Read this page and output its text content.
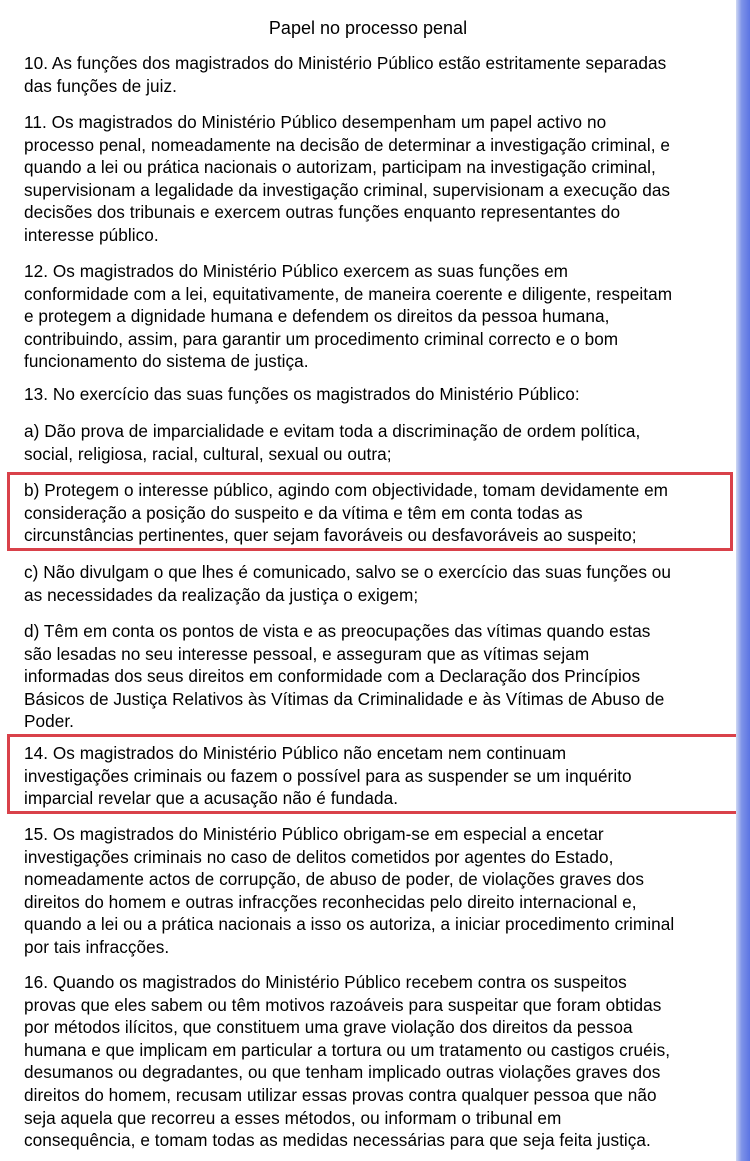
Papel no processo penal

10. As funções dos magistrados do Ministério Público estão estritamente separadas
das funções de juiz.

11. Os magistrados do Ministério Público desempenham um papel activo no
processo penal, nomeadamente na decisão de determinar a investigação criminal, e
quando a lei ou prática nacionais o autorizam, participam na investigação criminal,
supervisionam a legalidade da investigação criminal, supervisionam a execução das
decisões dos tribunais e exercem outras funções enquanto representantes do
interesse público.

12. Os magistrados do Ministério Público exercem as suas funções em
conformidade com a lei, equitativamente, de maneira coerente e diligente, respeitam
e protegem a dignidade humana e defendem os direitos da pessoa humana,
contribuindo, assim, para garantir um procedimento criminal correcto e o bom
funcionamento do sistema de justiça.

13. No exercício das suas funções os magistrados do Ministério Público:

a) Dão prova de imparcialidade e evitam toda a discriminação de ordem política,
social, religiosa, racial, cultural, sexual ou outra;

b) Protegem o interesse público, agindo com objectividade, tomam devidamente em
consideração a posição do suspeito e da vítima e têm em conta todas as
circunstâncias pertinentes, quer sejam favoráveis ou desfavoráveis ao suspeito;

c) Não divulgam o que lhes é comunicado, salvo se o exercício das suas funções ou
as necessidades da realização da justiça o exigem;

d) Têm em conta os pontos de vista e as preocupações das vítimas quando estas
são lesadas no seu interesse pessoal, e asseguram que as vítimas sejam
informadas dos seus direitos em conformidade com a Declaração dos Princípios
Básicos de Justiça Relativos às Vítimas da Criminalidade e às Vítimas de Abuso de
Poder.

14. Os magistrados do Ministério Público não encetam nem continuam
investigações criminais ou fazem o possível para as suspender se um inquérito
imparcial revelar que a acusação não é fundada.

15. Os magistrados do Ministério Público obrigam-se em especial a encetar
investigações criminais no caso de delitos cometidos por agentes do Estado,
nomeadamente actos de corrupção, de abuso de poder, de violações graves dos
direitos do homem e outras infracções reconhecidas pelo direito internacional e,
quando a lei ou a prática nacionais a isso os autoriza, a iniciar procedimento criminal
por tais infracções.

16. Quando os magistrados do Ministério Público recebem contra os suspeitos
provas que eles sabem ou têm motivos razoáveis para suspeitar que foram obtidas
por métodos ilícitos, que constituem uma grave violação dos direitos da pessoa
humana e que implicam em particular a tortura ou um tratamento ou castigos cruéis,
desumanos ou degradantes, ou que tenham implicado outras violações graves dos
direitos do homem, recusam utilizar essas provas contra qualquer pessoa que não
seja aquela que recorreu a esses métodos, ou informam o tribunal em
consequência, e tomam todas as medidas necessárias para que seja feita justiça.
